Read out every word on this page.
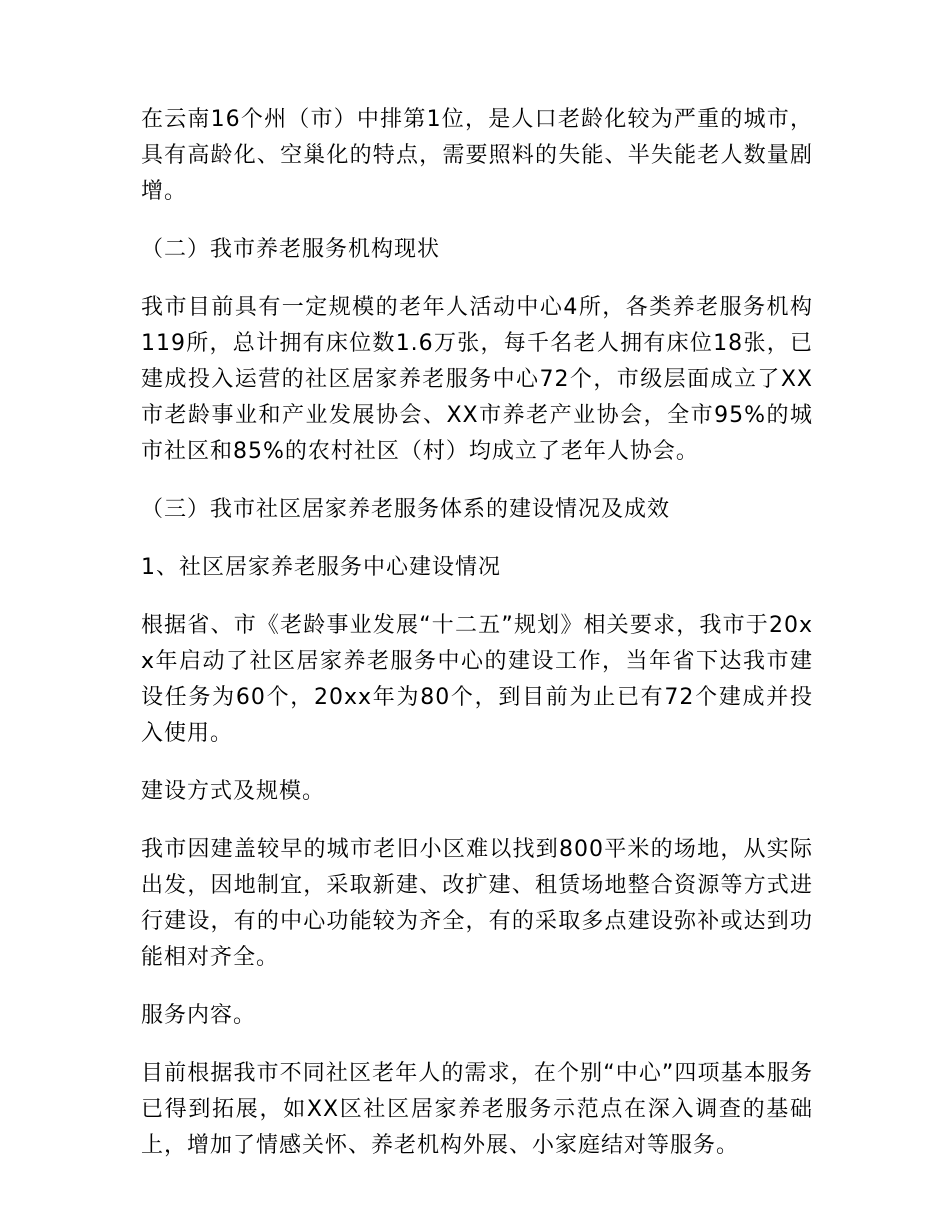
在云南16个州（市）中排第1位，是人口老龄化较为严重的城市，具有高龄化、空巢化的特点，需要照料的失能、半失能老人数量剧增。

（二）我市养老服务机构现状

我市目前具有一定规模的老年人活动中心4所，各类养老服务机构119所，总计拥有床位数1.6万张，每千名老人拥有床位18张，已建成投入运营的社区居家养老服务中心72个，市级层面成立了XX市老龄事业和产业发展协会、XX市养老产业协会，全市95%的城市社区和85%的农村社区（村）均成立了老年人协会。

（三）我市社区居家养老服务体系的建设情况及成效

1、社区居家养老服务中心建设情况

根据省、市《老龄事业发展“十二五”规划》相关要求，我市于20xx年启动了社区居家养老服务中心的建设工作，当年省下达我市建设任务为60个，20xx年为80个，到目前为止已有72个建成并投入使用。

建设方式及规模。

我市因建盖较早的城市老旧小区难以找到800平米的场地，从实际出发，因地制宜，采取新建、改扩建、租赁场地整合资源等方式进行建设，有的中心功能较为齐全，有的采取多点建设弥补或达到功能相对齐全。

服务内容。

目前根据我市不同社区老年人的需求，在个别“中心”四项基本服务已得到拓展，如XX区社区居家养老服务示范点在深入调查的基础上，增加了情感关怀、养老机构外展、小家庭结对等服务。
